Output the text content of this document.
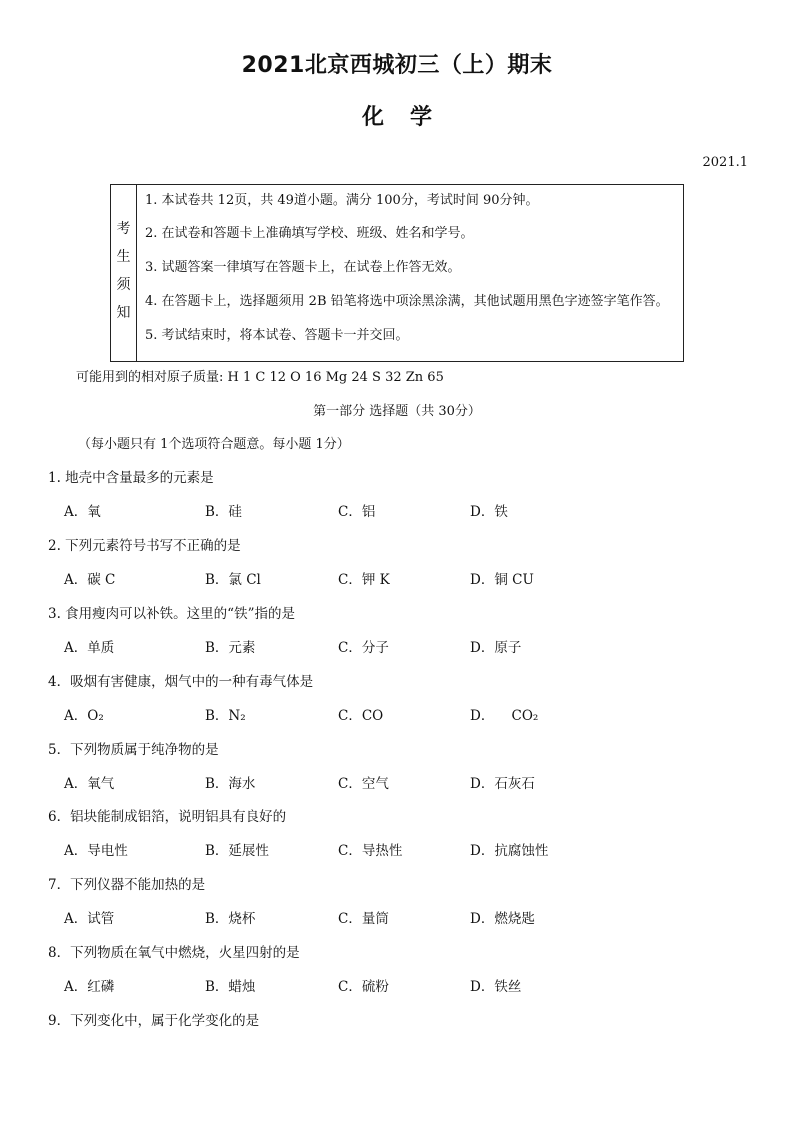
2021北京西城初三（上）期末
化学
2021.1
考
生
须
知
1. 本试卷共 12页，共 49道小题。满分 100分，考试时间 90分钟。
2. 在试卷和答题卡上准确填写学校、班级、姓名和学号。
3. 试题答案一律填写在答题卡上，在试卷上作答无效。
4. 在答题卡上，选择题须用 2B 铅笔将选中项涂黑涂满，其他试题用黑色字迹签字笔作答。
5. 考试结束时，将本试卷、答题卡一并交回。
可能用到的相对原子质量: H 1 C 12 O 16 Mg 24 S 32 Zn 65
第一部分 选择题（共 30分）
（每小题只有 1个选项符合题意。每小题 1分）
1. 地壳中含量最多的元素是
A．氧	B．硅	C．铝	D．铁
2. 下列元素符号书写不正确的是
A．碳 C	B．氯 Cl	C．钾 K	D．铜 CU
3. 食用瘦肉可以补铁。这里的“铁”指的是
A．单质	B．元素	C．分子	D．原子
4．吸烟有害健康，烟气中的一种有毒气体是
A．O₂	B．N₂	C．CO	D．    CO₂
5．下列物质属于纯净物的是
A．氧气	B．海水	C．空气	D．石灰石
6．铝块能制成铝箔，说明铝具有良好的
A．导电性	B．延展性	C．导热性	D．抗腐蚀性
7．下列仪器不能加热的是
A．试管	B．烧杯	C．量筒	D．燃烧匙
8．下列物质在氧气中燃烧，火星四射的是
A．红磷	B．蜡烛	C．硫粉	D．铁丝
9．下列变化中，属于化学变化的是
